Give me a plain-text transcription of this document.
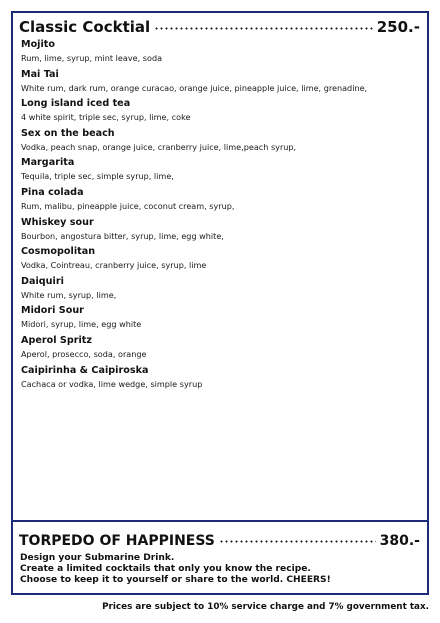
Classic Cocktial	250.-
Mojito
Rum, lime, syrup, mint leave, soda
Mai Tai
White rum, dark rum, orange curacao, orange juice, pineapple juice, lime, grenadine,
Long island iced tea
4 white spirit, triple sec, syrup, lime, coke
Sex on the beach
Vodka, peach snap, orange juice, cranberry juice, lime,peach syrup,
Margarita
Tequila, triple sec, simple syrup, lime,
Pina colada
Rum, malibu, pineapple juice, coconut cream, syrup,
Whiskey sour
Bourbon, angostura bitter, syrup, lime, egg white,
Cosmopolitan
Vodka, Cointreau, cranberry juice, syrup, lime
Daiquiri
White rum, syrup, lime,
Midori Sour
Midori, syrup, lime, egg white
Aperol Spritz
Aperol, prosecco, soda, orange
Caipirinha & Caipiroska
Cachaca or vodka, lime wedge, simple syrup
TORPEDO OF HAPPINESS	380.-
Design your Submarine Drink.
Create a limited cocktails that only you know the recipe.
Choose to keep it to yourself or share to the world. CHEERS!
Prices are subject to 10% service charge and 7% government tax.
